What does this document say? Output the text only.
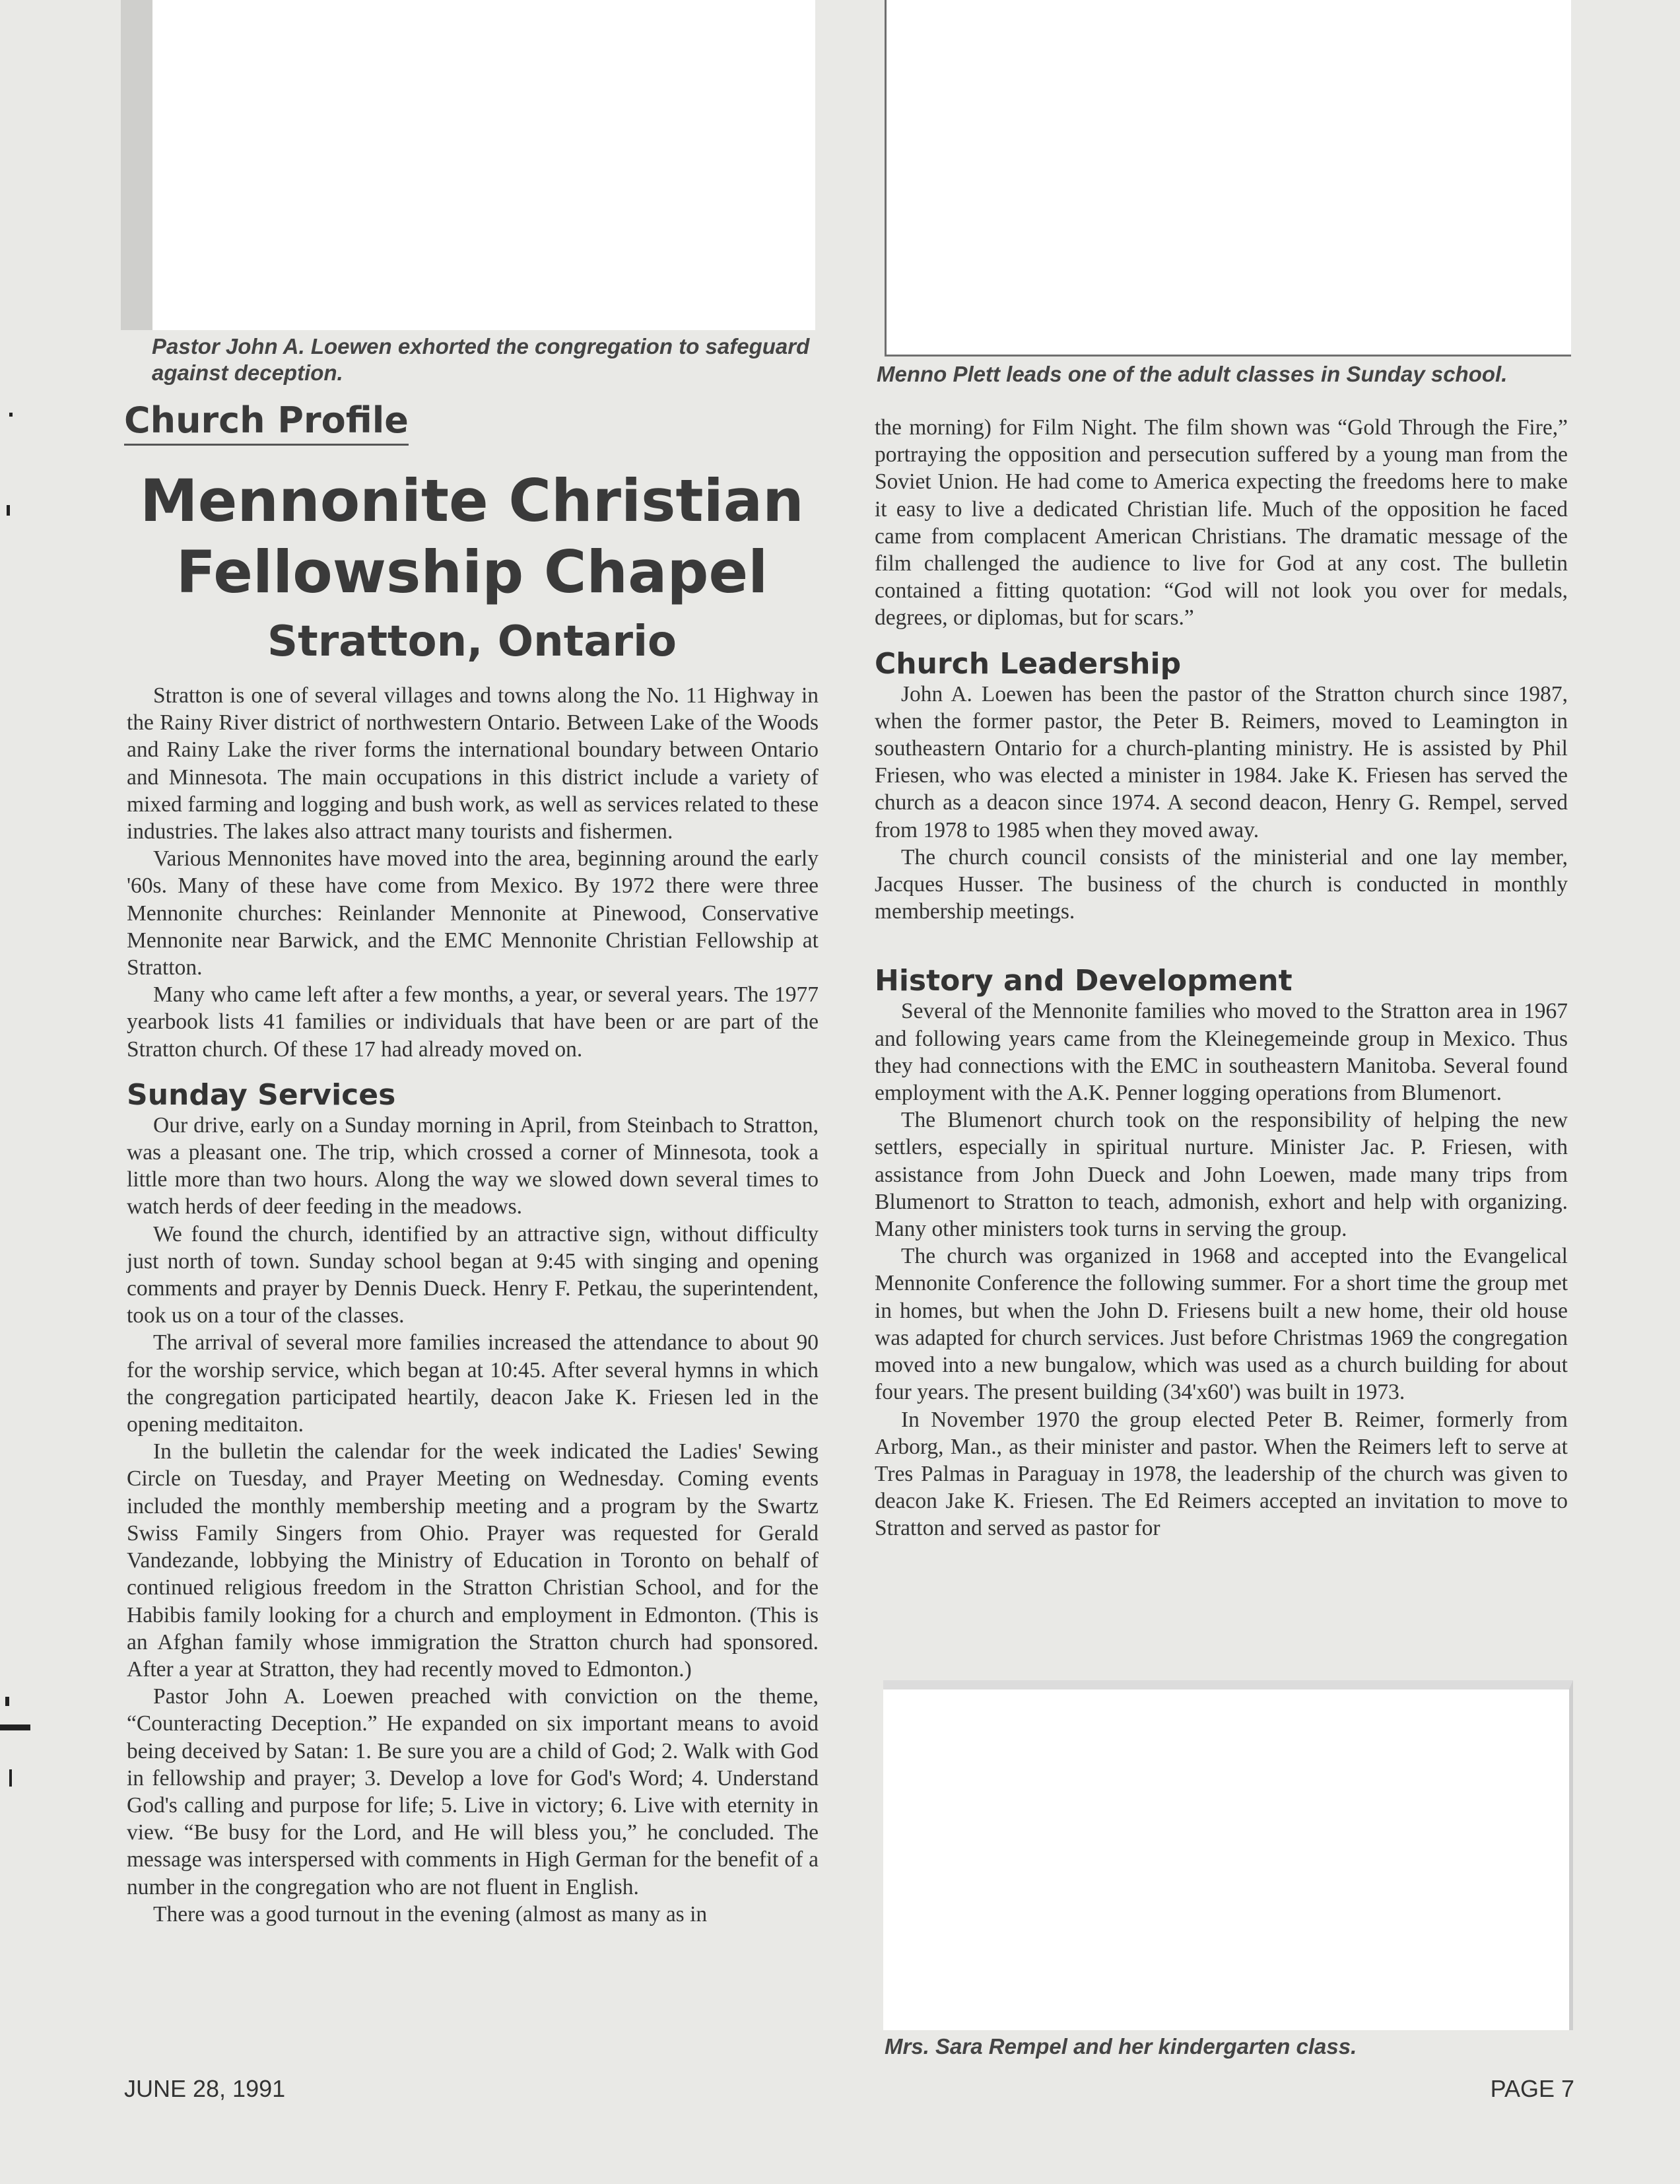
Pastor John A. Loewen exhorted the congregation to safeguard against deception.	Menno Plett leads one of the adult classes in Sunday school.
Mrs. Sara Rempel and her kindergarten class.
Church Profile
Mennonite Christian
Fellowship Chapel
Stratton, Ontario

Stratton is one of several villages and towns along the No. 11 Highway in the Rainy River district of northwestern Ontario. Between Lake of the Woods and Rainy Lake the river forms the international boundary between Ontario and Minnesota. The main occupations in this district include a variety of mixed farming and logging and bush work, as well as services related to these industries. The lakes also attract many tourists and fishermen.

Various Mennonites have moved into the area, beginning around the early '60s. Many of these have come from Mexico. By 1972 there were three Mennonite churches: Reinlander Mennonite at Pinewood, Conservative Mennonite near Barwick, and the EMC Mennonite Christian Fellowship at Stratton.

Many who came left after a few months, a year, or several years. The 1977 yearbook lists 41 families or individuals that have been or are part of the Stratton church. Of these 17 had already moved on.

Sunday Services

Our drive, early on a Sunday morning in April, from Steinbach to Stratton, was a pleasant one. The trip, which crossed a corner of Minnesota, took a little more than two hours. Along the way we slowed down several times to watch herds of deer feeding in the meadows.

We found the church, identified by an attractive sign, without difficulty just north of town. Sunday school began at 9:45 with singing and opening comments and prayer by Dennis Dueck. Henry F. Petkau, the superintendent, took us on a tour of the classes.

The arrival of several more families increased the attendance to about 90 for the worship service, which began at 10:45. After several hymns in which the congregation participated heartily, deacon Jake K. Friesen led in the opening meditaiton.

In the bulletin the calendar for the week indicated the Ladies' Sewing Circle on Tuesday, and Prayer Meeting on Wednesday. Coming events included the monthly membership meeting and a program by the Swartz Swiss Family Singers from Ohio. Prayer was requested for Gerald Vandezande, lobbying the Ministry of Education in Toronto on behalf of continued religious freedom in the Stratton Christian School, and for the Habibis family looking for a church and employment in Edmonton. (This is an Afghan family whose immigration the Stratton church had sponsored. After a year at Stratton, they had recently moved to Edmonton.)

Pastor John A. Loewen preached with conviction on the theme, “Counteracting Deception.” He expanded on six important means to avoid being deceived by Satan: 1. Be sure you are a child of God; 2. Walk with God in fellowship and prayer; 3. Develop a love for God's Word; 4. Understand God's calling and purpose for life; 5. Live in victory; 6. Live with eternity in view. “Be busy for the Lord, and He will bless you,” he concluded. The message was interspersed with comments in High German for the benefit of a number in the congregation who are not fluent in English.

There was a good turnout in the evening (almost as many as in

the morning) for Film Night. The film shown was “Gold Through the Fire,” portraying the opposition and persecution suffered by a young man from the Soviet Union. He had come to America expecting the freedoms here to make it easy to live a dedicated Christian life. Much of the opposition he faced came from complacent American Christians. The dramatic message of the film challenged the audience to live for God at any cost. The bulletin contained a fitting quotation: “God will not look you over for medals, degrees, or diplomas, but for scars.”

Church Leadership

John A. Loewen has been the pastor of the Stratton church since 1987, when the former pastor, the Peter B. Reimers, moved to Leamington in southeastern Ontario for a church-planting ministry. He is assisted by Phil Friesen, who was elected a minister in 1984. Jake K. Friesen has served the church as a deacon since 1974. A second deacon, Henry G. Rempel, served from 1978 to 1985 when they moved away.

The church council consists of the ministerial and one lay member, Jacques Husser. The business of the church is conducted in monthly membership meetings.

History and Development

Several of the Mennonite families who moved to the Stratton area in 1967 and following years came from the Kleinegemeinde group in Mexico. Thus they had connections with the EMC in southeastern Manitoba. Several found employment with the A.K. Penner logging operations from Blumenort.

The Blumenort church took on the responsibility of helping the new settlers, especially in spiritual nurture. Minister Jac. P. Friesen, with assistance from John Dueck and John Loewen, made many trips from Blumenort to Stratton to teach, admonish, exhort and help with organizing. Many other ministers took turns in serving the group.

The church was organized in 1968 and accepted into the Evangelical Mennonite Conference the following summer. For a short time the group met in homes, but when the John D. Friesens built a new home, their old house was adapted for church services. Just before Christmas 1969 the congregation moved into a new bungalow, which was used as a church building for about four years. The present building (34'x60') was built in 1973.

In November 1970 the group elected Peter B. Reimer, formerly from Arborg, Man., as their minister and pastor. When the Reimers left to serve at Tres Palmas in Paraguay in 1978, the leadership of the church was given to deacon Jake K. Friesen. The Ed Reimers accepted an invitation to move to Stratton and served as pastor for

JUNE 28, 1991	PAGE 7
